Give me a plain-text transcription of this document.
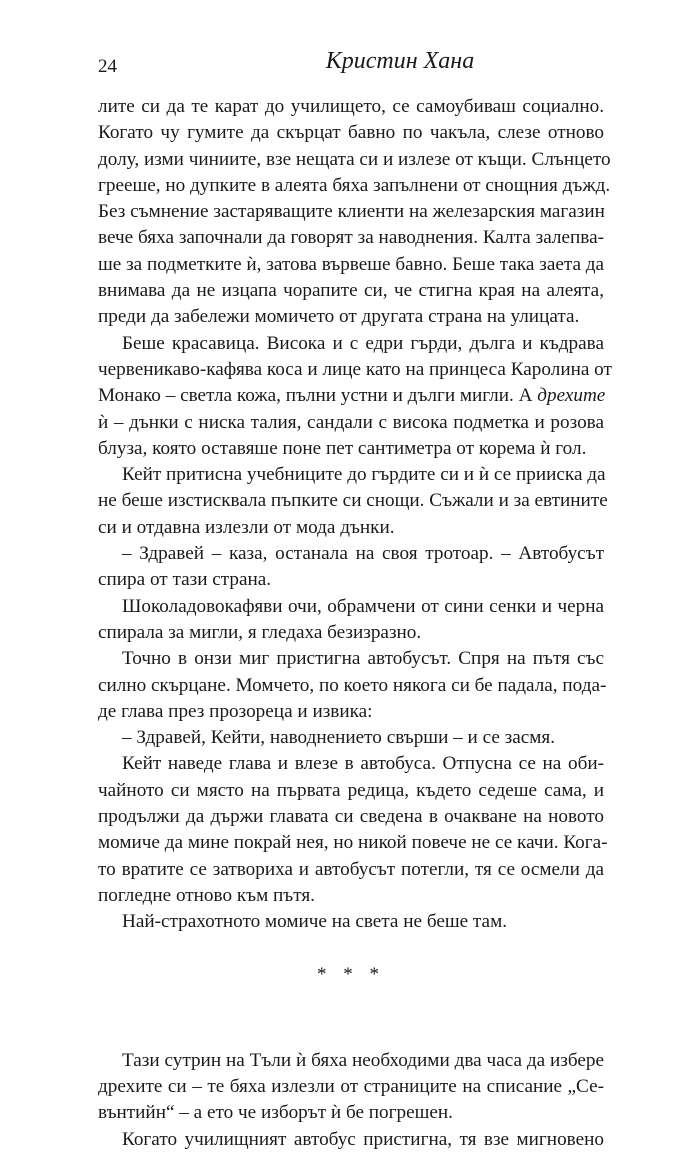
24	Кристин Хана
лите си да те карат до училището, се самоубиваш социално.
Когато чу гумите да скърцат бавно по чакъла, слезе отново
долу, изми чиниите, взе нещата си и излезе от къщи. Слънцето
грееше, но дупките в алеята бяха запълнени от снощния дъжд.
Без съмнение застаряващите клиенти на железарския магазин
вече бяха започнали да говорят за наводнения. Калта залепва-
ше за подметките ѝ, затова вървеше бавно. Беше така заета да
внимава да не изцапа чорапите си, че стигна края на алеята,
преди да забележи момичето от другата страна на улицата.
Беше красавица. Висока и с едри гърди, дълга и къдрава
червеникаво-кафява коса и лице като на принцеса Каролина от
Монако – светла кожа, пълни устни и дълги мигли. А дрехите
ѝ – дънки с ниска талия, сандали с висока подметка и розова
блуза, която оставяше поне пет сантиметра от корема ѝ гол.
Кейт притисна учебниците до гърдите си и ѝ се прииска да
не беше изстисквала пъпките си снощи. Съжали и за евтините
си и отдавна излезли от мода дънки.
– Здравей – каза, останала на своя тротоар. – Автобусът
спира от тази страна.
Шоколадовокафяви очи, обрамчени от сини сенки и черна
спирала за мигли, я гледаха безизразно.
Точно в онзи миг пристигна автобусът. Спря на пътя със
силно скърцане. Момчето, по което някога си бе падала, пода-
де глава през прозореца и извика:
– Здравей, Кейти, наводнението свърши – и се засмя.
Кейт наведе глава и влезе в автобуса. Отпусна се на оби-
чайното си място на първата редица, където седеше сама, и
продължи да държи главата си сведена в очакване на новото
момиче да мине покрай нея, но никой повече не се качи. Кога-
то вратите се затвориха и автобусът потегли, тя се осмели да
погледне отново към пътя.
Най-страхотното момиче на света не беше там.
* * *
Тази сутрин на Тъли ѝ бяха необходими два часа да избере
дрехите си – те бяха излезли от страниците на списание „Се-
вънтийн“ – а ето че изборът ѝ бе погрешен.
Когато училищният автобус пристигна, тя взе мигновено
